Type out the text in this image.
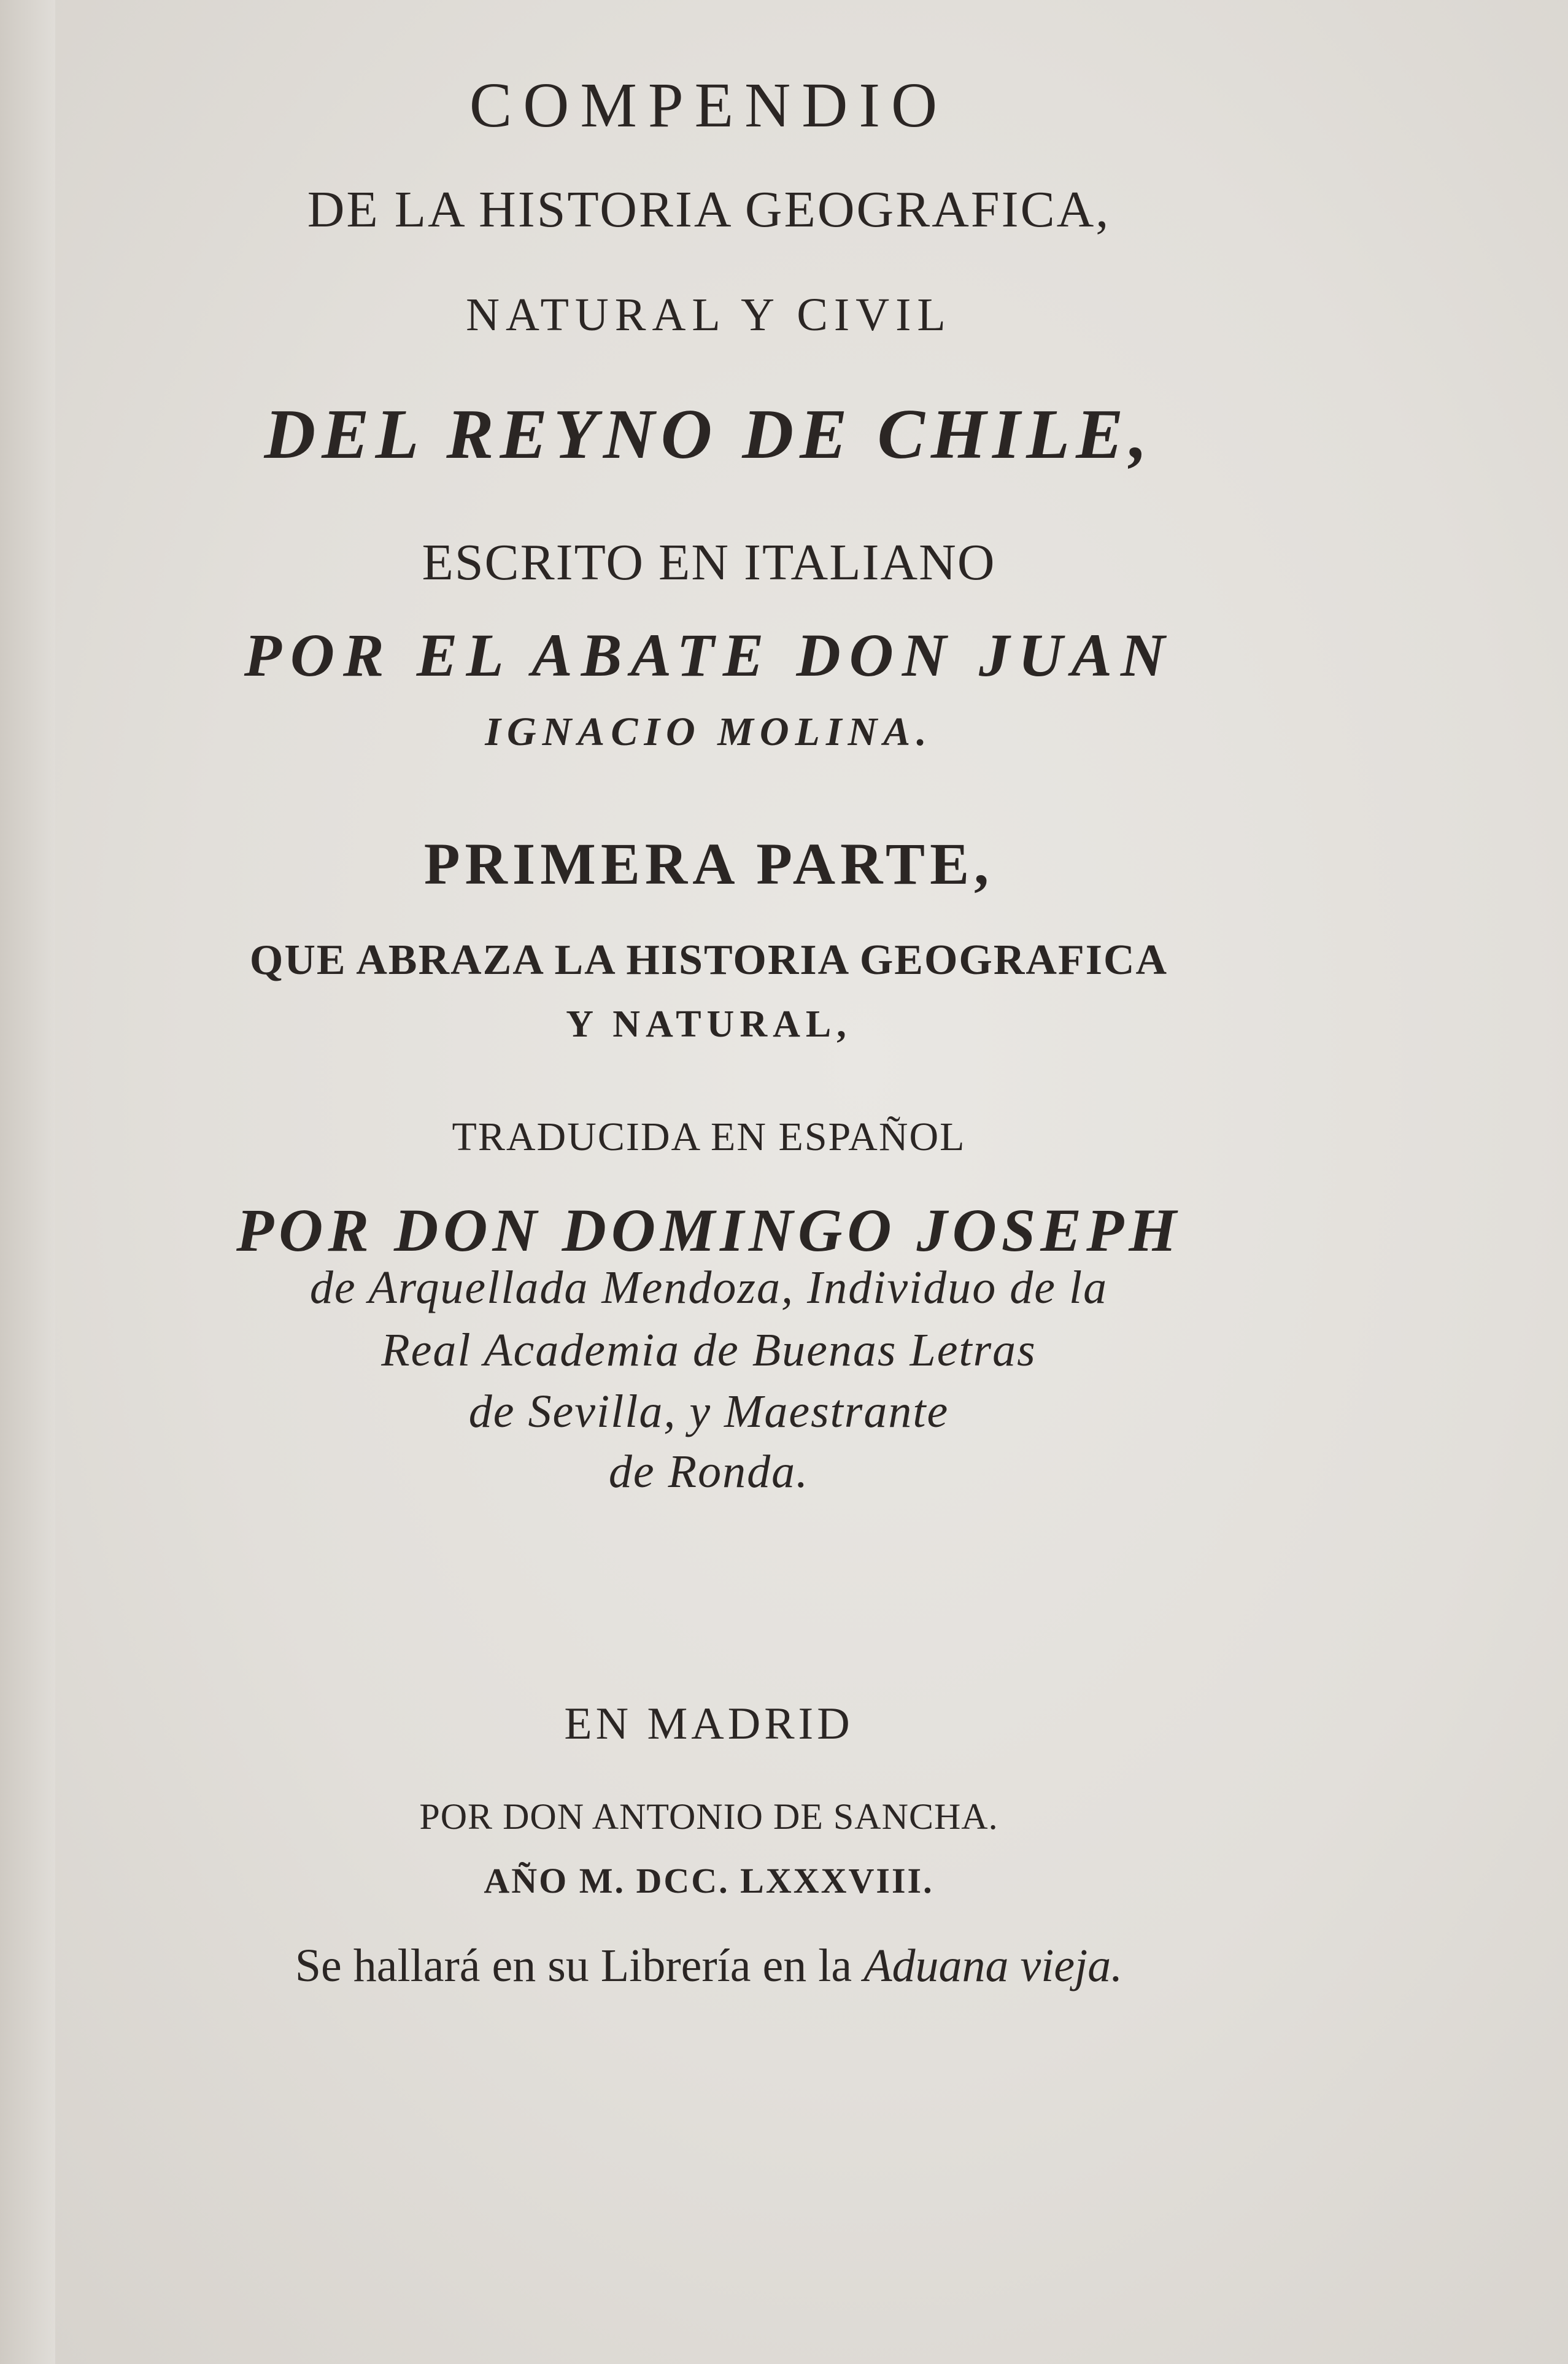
COMPENDIO
DE LA HISTORIA GEOGRAFICA,
NATURAL Y CIVIL
DEL REYNO DE CHILE,
ESCRITO EN ITALIANO
POR EL ABATE DON JUAN
IGNACIO MOLINA.
PRIMERA PARTE,
QUE ABRAZA LA HISTORIA GEOGRAFICA
Y NATURAL,
TRADUCIDA EN ESPAÑOL
POR DON DOMINGO JOSEPH
de Arquellada Mendoza, Individuo de la
Real Academia de Buenas Letras
de Sevilla, y Maestrante
de Ronda.
EN MADRID
POR DON ANTONIO DE SANCHA.
AÑO M. DCC. LXXXVIII.
Se hallará en su Librería en la Aduana vieja.
